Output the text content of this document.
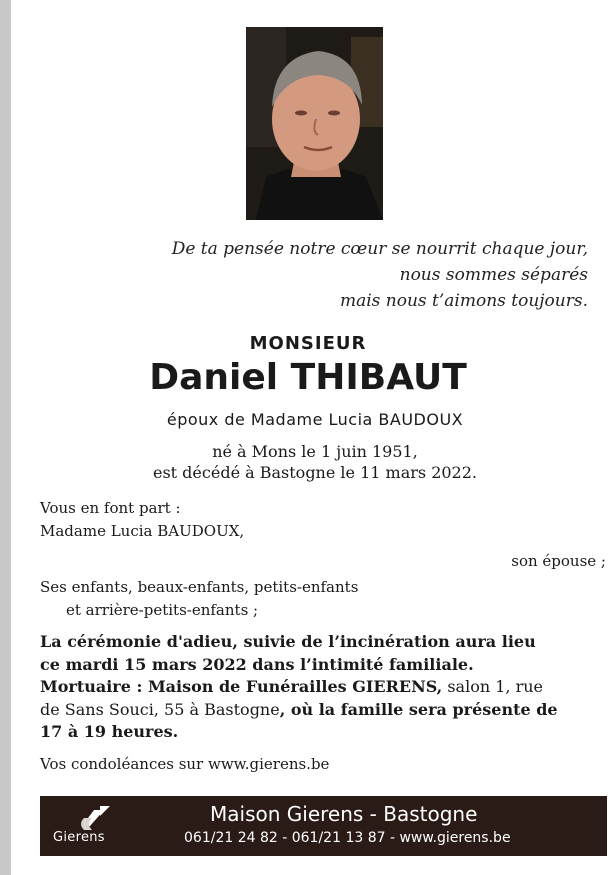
De ta pensée notre cœur se nourrit chaque jour,
nous sommes séparés
mais nous t’aimons toujours.
MONSIEUR
Daniel THIBAUT
époux de Madame Lucia BAUDOUX
né à Mons le 1 juin 1951,
est décédé à Bastogne le 11 mars 2022.
Vous en font part :
Madame Lucia BAUDOUX,
son épouse ;
Ses enfants, beaux-enfants, petits-enfants
et arrière-petits-enfants ;
La cérémonie d'adieu, suivie de l’incinération aura lieu
ce mardi 15 mars 2022 dans l’intimité familiale.
Mortuaire : Maison de Funérailles GIERENS, salon 1, rue
de Sans Souci, 55 à Bastogne, où la famille sera présente de
17 à 19 heures.
Vos condoléances sur www.gierens.be
Gierens
Maison Gierens - Bastogne
061/21 24 82 - 061/21 13 87 - www.gierens.be
